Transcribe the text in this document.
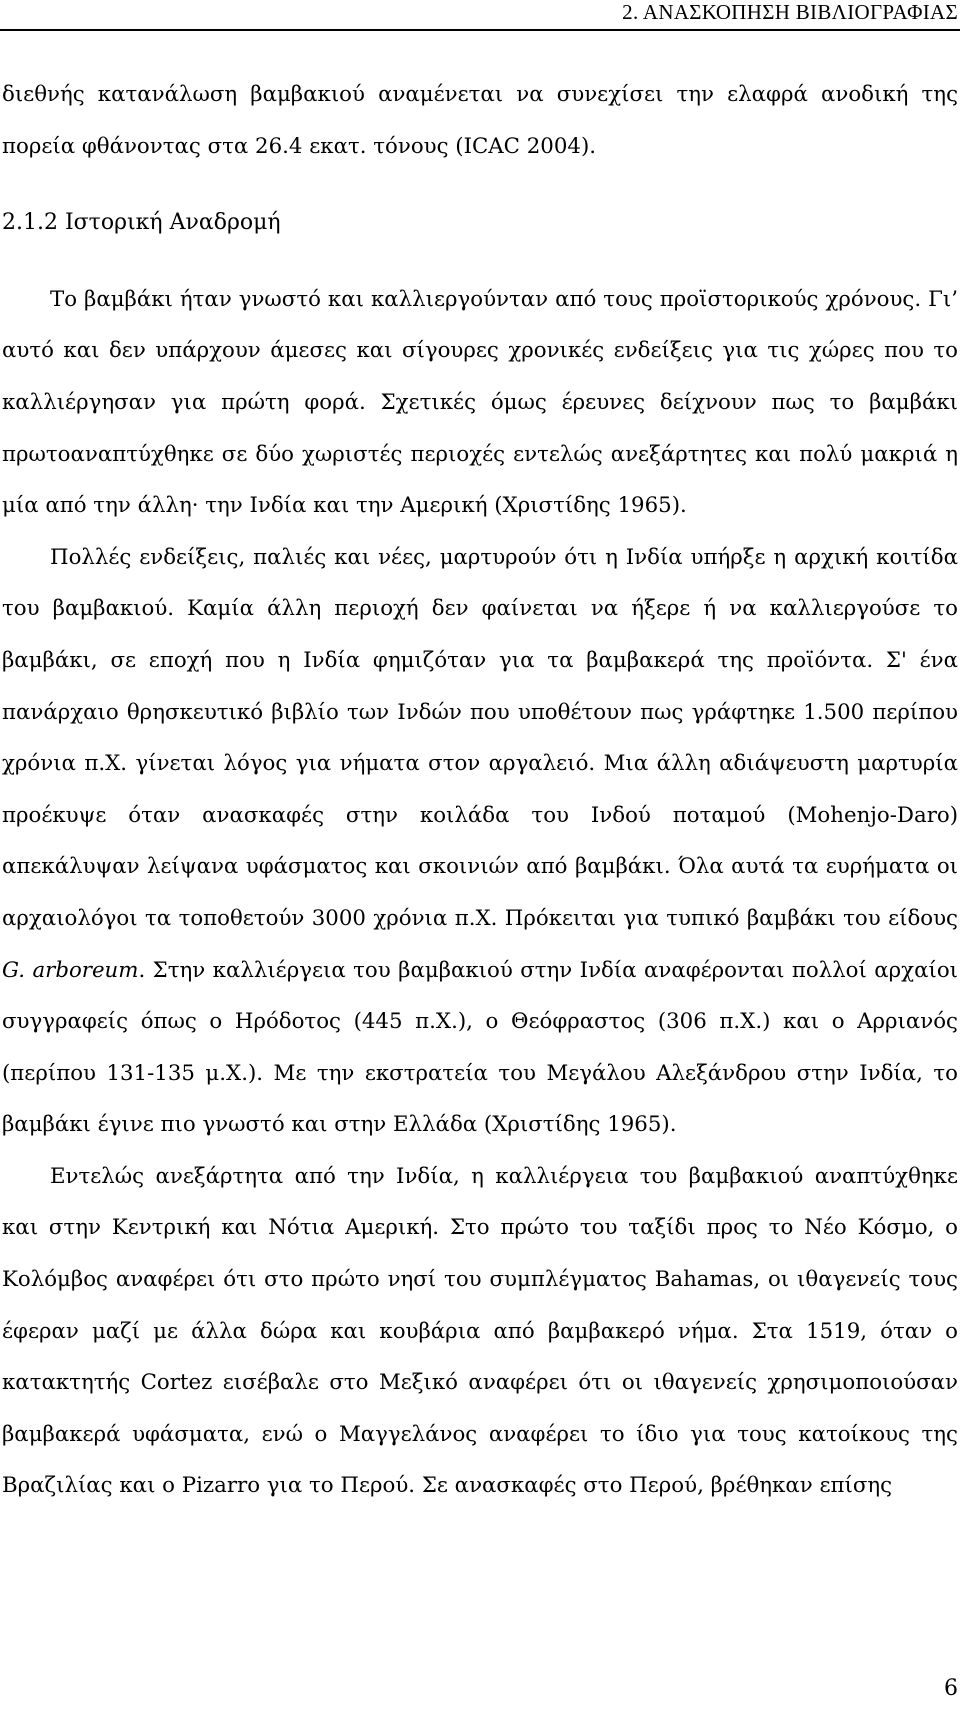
2. ΑΝΑΣΚΟΠΗΣΗ ΒΙΒΛΙΟΓΡΑΦΙΑΣ

διεθνής κατανάλωση βαμβακιού αναμένεται να συνεχίσει την ελαφρά ανοδική της πορεία φθάνοντας στα 26.4 εκατ. τόνους (ICAC 2004).

2.1.2 Ιστορική Αναδρομή

Το βαμβάκι ήταν γνωστό και καλλιεργούνταν από τους προϊστορικούς χρόνους. Γι’ αυτό και δεν υπάρχουν άμεσες και σίγουρες χρονικές ενδείξεις για τις χώρες που το καλλιέργησαν για πρώτη φορά. Σχετικές όμως έρευνες δείχνουν πως το βαμβάκι πρωτοαναπτύχθηκε σε δύο χωριστές περιοχές εντελώς ανεξάρτητες και πολύ μακριά η μία από την άλλη· την Ινδία και την Αμερική (Χριστίδης 1965).

Πολλές ενδείξεις, παλιές και νέες, μαρτυρούν ότι η Ινδία υπήρξε η αρχική κοιτίδα του βαμβακιού. Καμία άλλη περιοχή δεν φαίνεται να ήξερε ή να καλλιεργούσε το βαμβάκι, σε εποχή που η Ινδία φημιζόταν για τα βαμβακερά της προϊόντα. Σ' ένα πανάρχαιο θρησκευτικό βιβλίο των Ινδών που υποθέτουν πως γράφτηκε 1.500 περίπου χρόνια π.Χ. γίνεται λόγος για νήματα στον αργαλειό. Μια άλλη αδιάψευστη μαρτυρία προέκυψε όταν ανασκαφές στην κοιλάδα του Ινδού ποταμού (Mohenjo-Daro) απεκάλυψαν λείψανα υφάσματος και σκοινιών από βαμβάκι. Όλα αυτά τα ευρήματα οι αρχαιολόγοι τα τοποθετούν 3000 χρόνια π.Χ. Πρόκειται για τυπικό βαμβάκι του είδους G. arboreum. Στην καλλιέργεια του βαμβακιού στην Ινδία αναφέρονται πολλοί αρχαίοι συγγραφείς όπως ο Ηρόδοτος (445 π.Χ.), ο Θεόφραστος (306 π.Χ.) και ο Αρριανός (περίπου 131-135 μ.Χ.). Με την εκστρατεία του Μεγάλου Αλεξάνδρου στην Ινδία, το βαμβάκι έγινε πιο γνωστό και στην Ελλάδα (Χριστίδης 1965).

Εντελώς ανεξάρτητα από την Ινδία, η καλλιέργεια του βαμβακιού αναπτύχθηκε και στην Κεντρική και Νότια Αμερική. Στο πρώτο του ταξίδι προς το Νέο Κόσμο, ο Κολόμβος αναφέρει ότι στο πρώτο νησί του συμπλέγματος Bahamas, οι ιθαγενείς τους έφεραν μαζί με άλλα δώρα και κουβάρια από βαμβακερό νήμα. Στα 1519, όταν ο κατακτητής Cortez εισέβαλε στο Μεξικό αναφέρει ότι οι ιθαγενείς χρησιμοποιούσαν βαμβακερά υφάσματα, ενώ ο Μαγγελάνος αναφέρει το ίδιο για τους κατοίκους της Βραζιλίας και ο Pizarro για το Περού. Σε ανασκαφές στο Περού, βρέθηκαν επίσης

6
